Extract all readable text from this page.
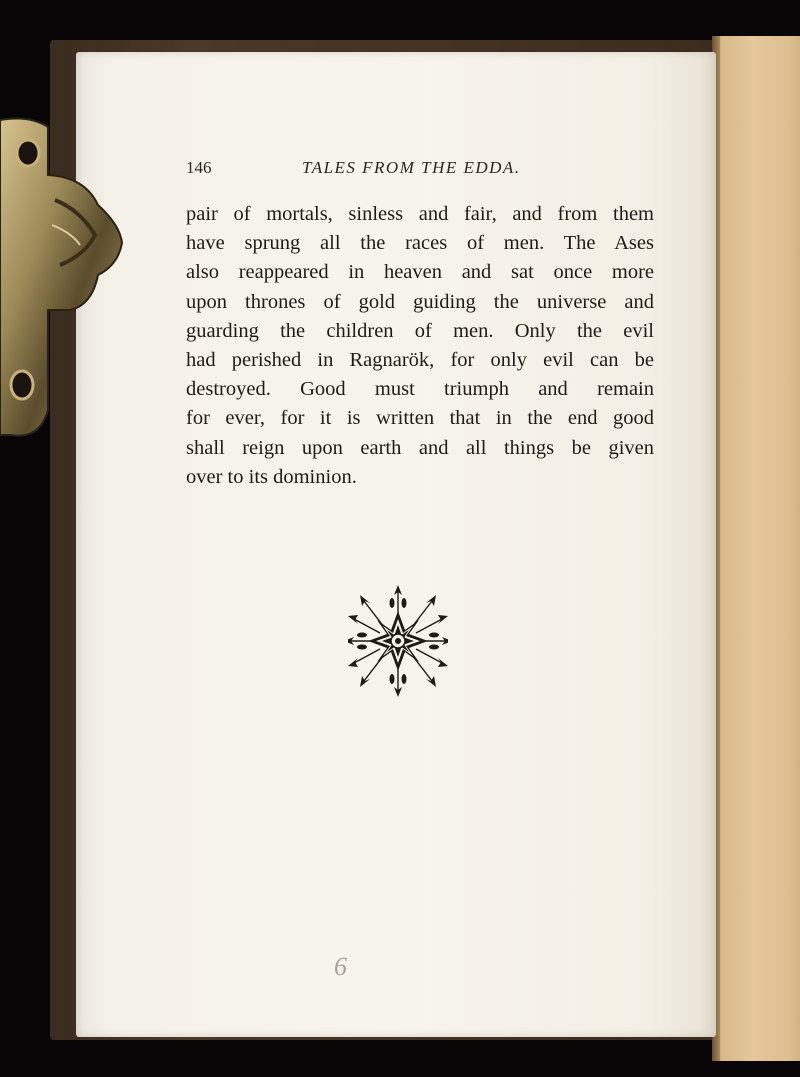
146	TALES FROM THE EDDA.
pair of mortals, sinless and fair, and from them
have sprung all the races of men. The Ases
also reappeared in heaven and sat once more
upon thrones of gold guiding the universe and
guarding the children of men. Only the evil
had perished in Ragnarök, for only evil can be
destroyed. Good must triumph and remain
for ever, for it is written that in the end good
shall reign upon earth and all things be given
over to its dominion.
6
